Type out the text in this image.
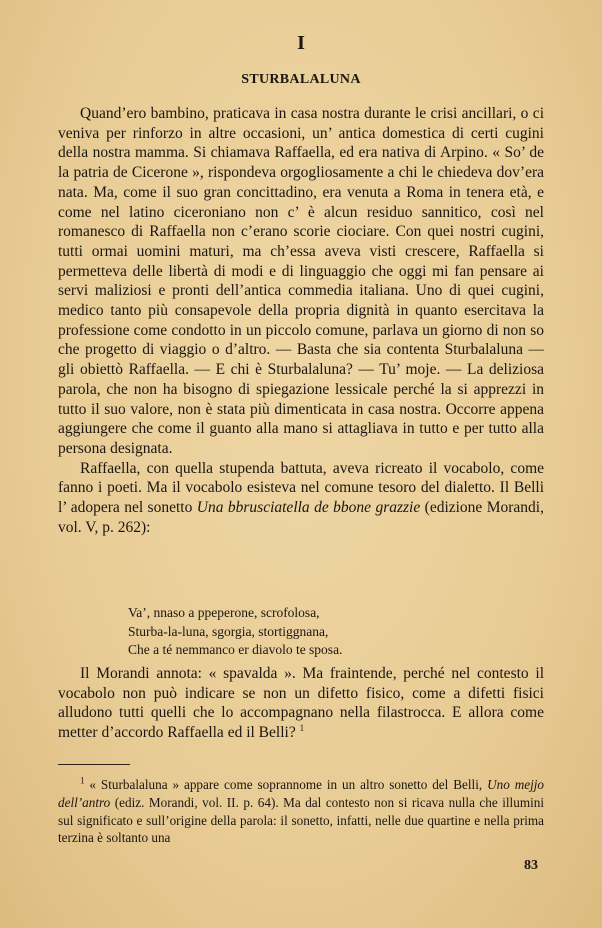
I
STURBALALUNA

Quand’ero bambino, praticava in casa nostra durante le crisi ancillari, o ci veniva per rinforzo in altre occasioni, un’ antica domestica di certi cugini della nostra mamma. Si chiamava Raffaella, ed era nativa di Arpino. « So’ de la patria de Cicerone », rispondeva orgogliosamente a chi le chiedeva dov’era nata. Ma, come il suo gran concittadino, era venuta a Roma in tenera età, e come nel latino ciceroniano non c’ è alcun residuo sannitico, così nel romanesco di Raffaella non c’erano scorie ciociare. Con quei nostri cugini, tutti ormai uomini maturi, ma ch’essa aveva visti crescere, Raffaella si permetteva delle libertà di modi e di linguaggio che oggi mi fan pensare ai servi maliziosi e pronti dell’antica commedia italiana. Uno di quei cugini, medico tanto più consapevole della propria dignità in quanto esercitava la professione come condotto in un piccolo comune, parlava un giorno di non so che progetto di viaggio o d’altro. — Basta che sia contenta Sturbalaluna — gli obiettò Raffaella. — E chi è Sturbalaluna? — Tu’ moje. — La deliziosa parola, che non ha bisogno di spiegazione lessicale perché la si apprezzi in tutto il suo valore, non è stata più dimenticata in casa nostra. Occorre appena aggiungere che come il guanto alla mano si attagliava in tutto e per tutto alla persona designata.

Raffaella, con quella stupenda battuta, aveva ricreato il vocabolo, come fanno i poeti. Ma il vocabolo esisteva nel comune tesoro del dialetto. Il Belli l’ adopera nel sonetto Una bbrusciatella de bbone grazzie (edizione Morandi, vol. V, p. 262):

Va’, nnaso a ppeperone, scrofolosa,
Sturba-la-luna, sgorgia, stortiggnana,
Che a té nemmanco er diavolo te sposa.

Il Morandi annota: « spavalda ». Ma fraintende, perché nel contesto il vocabolo non può indicare se non un difetto fisico, come a difetti fisici alludono tutti quelli che lo accompagnano nella filastrocca. E allora come metter d’accordo Raffaella ed il Belli? $^1$

$^1$ « Sturbalaluna » appare come soprannome in un altro sonetto del Belli, Uno mejjo dell’antro (ediz. Morandi, vol. II. p. 64). Ma dal contesto non si ricava nulla che illumini sul significato e sull’origine della parola: il sonetto, infatti, nelle due quartine e nella prima terzina è soltanto una

83
